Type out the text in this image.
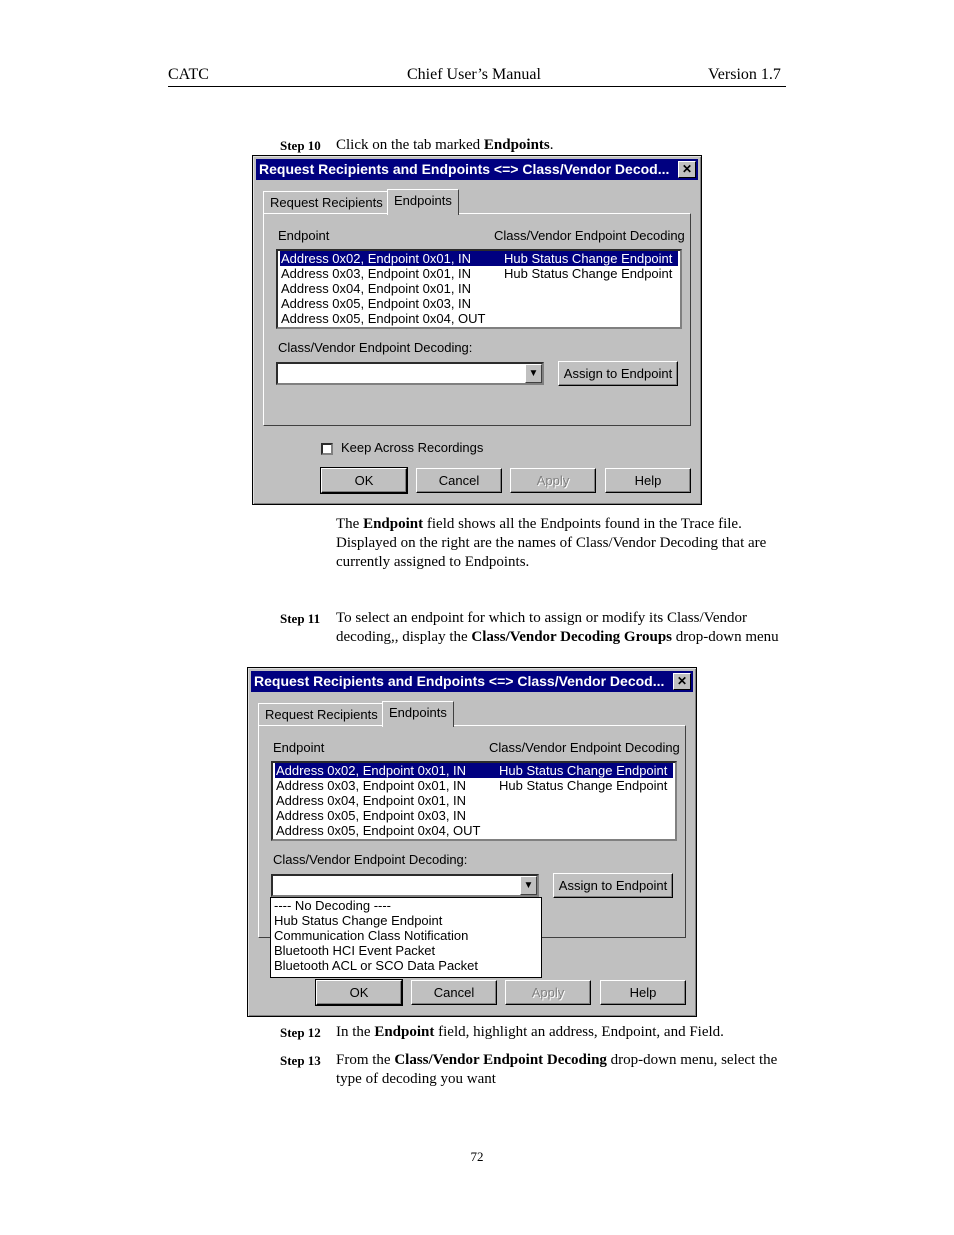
CATC	Chief User’s Manual	Version 1.7
Step 10 Click on the tab marked Endpoints.
Request Recipients and Endpoints <=> Class/Vendor Decod...	✕
Request Recipients Endpoints
Endpoint	Class/Vendor Endpoint Decoding
Address 0x02, Endpoint 0x01, IN	Hub Status Change Endpoint
Address 0x03, Endpoint 0x01, IN	Hub Status Change Endpoint
Address 0x04, Endpoint 0x01, IN
Address 0x05, Endpoint 0x03, IN
Address 0x05, Endpoint 0x04, OUT
Class/Vendor Endpoint Decoding:
▼	Assign to Endpoint
Keep Across Recordings
OK	Cancel	Apply	Help
The Endpoint field shows all the Endpoints found in the Trace file. Displayed on the right are the names of Class/Vendor Decoding that are currently assigned to Endpoints.
Step 11 To select an endpoint for which to assign or modify its Class/Vendor decoding,, display the Class/Vendor Decoding Groups drop-down menu
Request Recipients and Endpoints <=> Class/Vendor Decod...	✕
Request Recipients Endpoints
Endpoint	Class/Vendor Endpoint Decoding
Address 0x02, Endpoint 0x01, IN	Hub Status Change Endpoint
Address 0x03, Endpoint 0x01, IN	Hub Status Change Endpoint
Address 0x04, Endpoint 0x01, IN
Address 0x05, Endpoint 0x03, IN
Address 0x05, Endpoint 0x04, OUT
Class/Vendor Endpoint Decoding:
▼	Assign to Endpoint
---- No Decoding ----
Hub Status Change Endpoint
Communication Class Notification
Bluetooth HCI Event Packet
Bluetooth ACL or SCO Data Packet
OK	Cancel	Apply	Help
Step 12 In the Endpoint field, highlight an address, Endpoint, and Field.
Step 13 From the Class/Vendor Endpoint Decoding drop-down menu, select the type of decoding you want
72
